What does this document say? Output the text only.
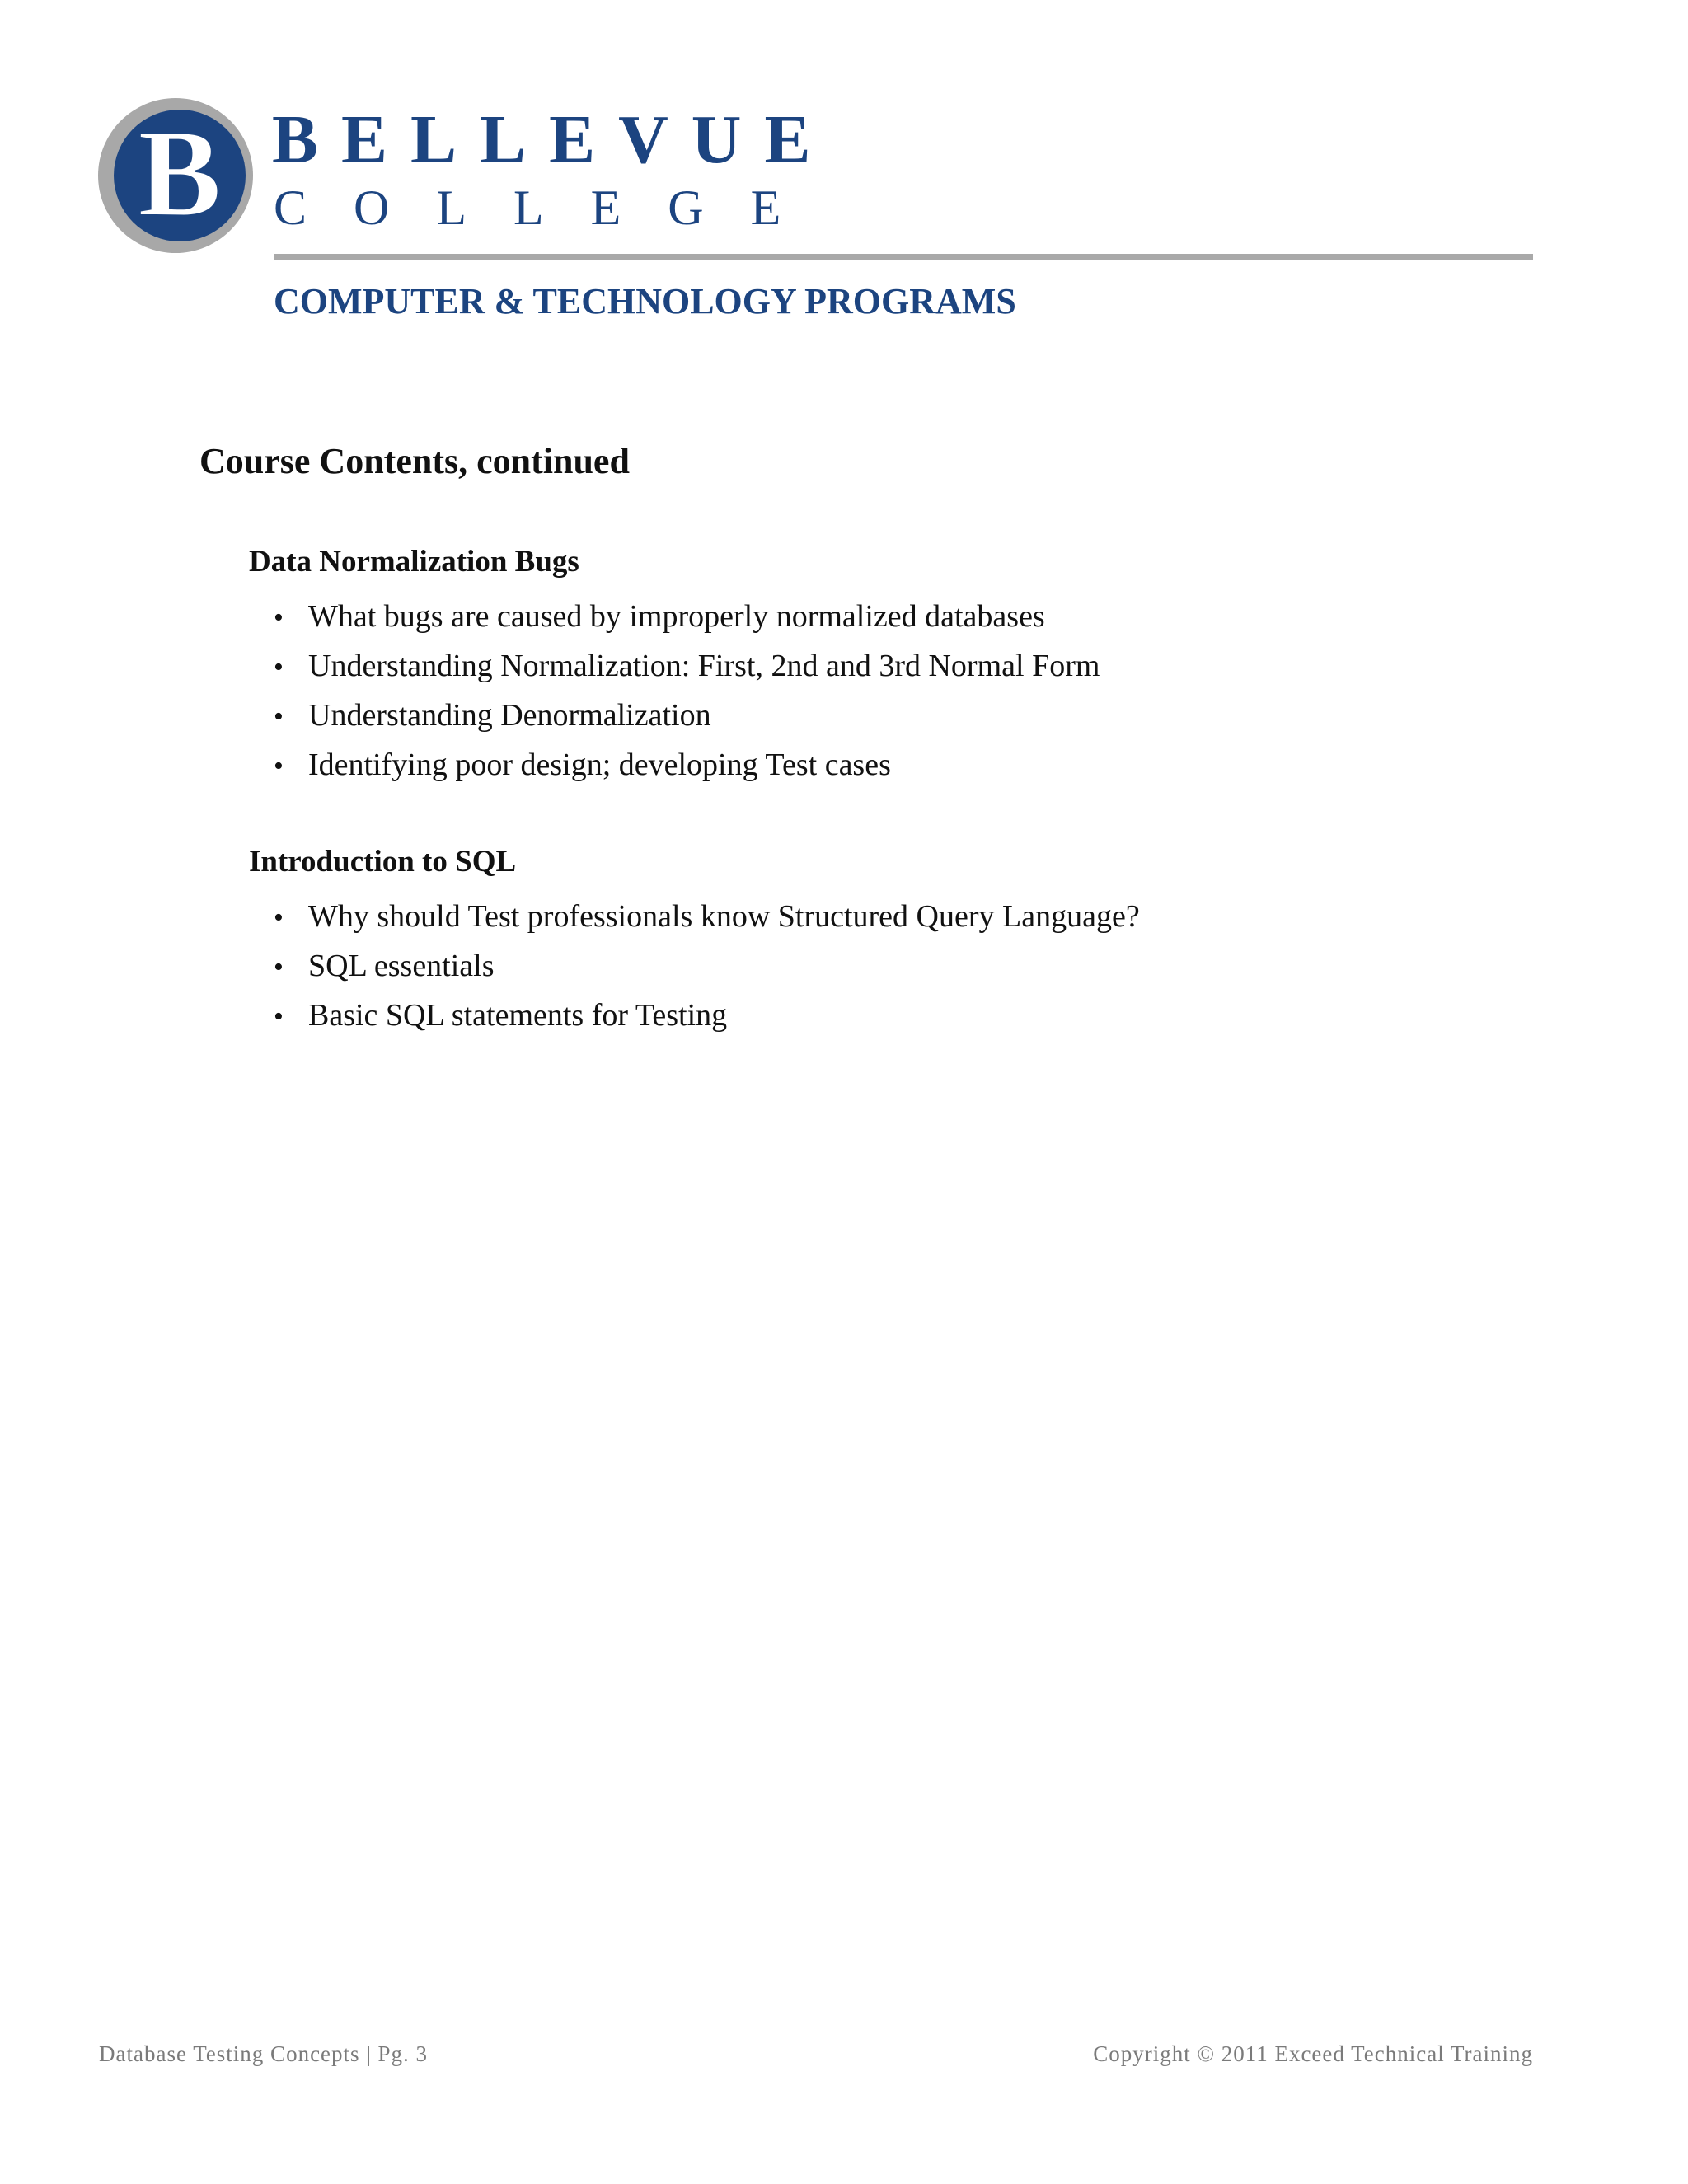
B BELLEVUE
COLLEGE
COMPUTER & TECHNOLOGY PROGRAMS
Course Contents, continued
Data Normalization Bugs
• What bugs are caused by improperly normalized databases
• Understanding Normalization: First, 2nd and 3rd Normal Form
• Understanding Denormalization
• Identifying poor design; developing Test cases
Introduction to SQL
• Why should Test professionals know Structured Query Language?
• SQL essentials
• Basic SQL statements for Testing
Database Testing Concepts | Pg. 3	Copyright © 2011 Exceed Technical Training
